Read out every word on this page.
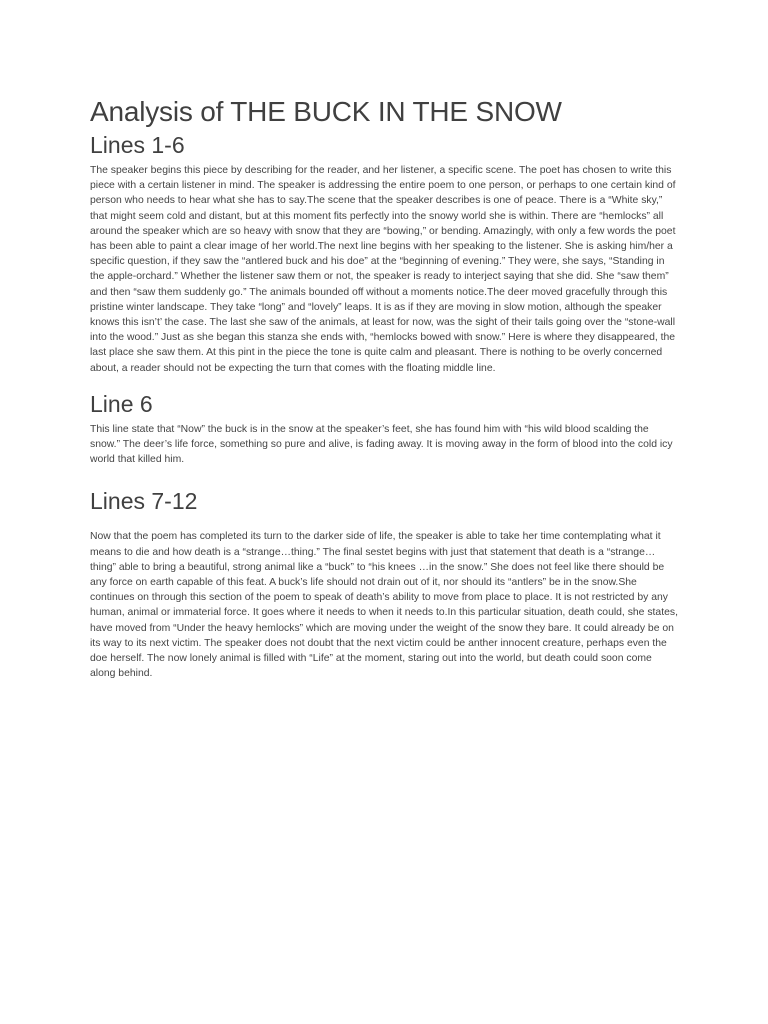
Analysis of THE BUCK IN THE SNOW
Lines 1-6

The speaker begins this piece by describing for the reader, and her listener, a specific scene. The poet has chosen to write this piece with a certain listener in mind. The speaker is addressing the entire poem to one person, or perhaps to one certain kind of person who needs to hear what she has to say.The scene that the speaker describes is one of peace. There is a “White sky,” that might seem cold and distant, but at this moment fits perfectly into the snowy world she is within. There are “hemlocks” all around the speaker which are so heavy with snow that they are “bowing,” or bending. Amazingly, with only a few words the poet has been able to paint a clear image of her world.The next line begins with her speaking to the listener. She is asking him/her a specific question, if they saw the “antlered buck and his doe” at the “beginning of evening.” They were, she says, “Standing in the apple-orchard.” Whether the listener saw them or not, the speaker is ready to interject saying that she did. She “saw them” and then “saw them suddenly go.” The animals bounded off without a moments notice.The deer moved gracefully through this pristine winter landscape. They take “long” and “lovely” leaps. It is as if they are moving in slow motion, although the speaker knows this isn’t’ the case. The last she saw of the animals, at least for now, was the sight of their tails going over the “stone-wall into the wood.” Just as she began this stanza she ends with, “hemlocks bowed with snow.” Here is where they disappeared, the last place she saw them. At this pint in the piece the tone is quite calm and pleasant. There is nothing to be overly concerned about, a reader should not be expecting the turn that comes with the floating middle line.

Line 6

This line state that “Now” the buck is in the snow at the speaker’s feet, she has found him with “his wild blood scalding the snow.” The deer’s life force, something so pure and alive, is fading away. It is moving away in the form of blood into the cold icy world that killed him.

Lines 7-12

Now that the poem has completed its turn to the darker side of life, the speaker is able to take her time contemplating what it means to die and how death is a “strange…thing.” The final sestet begins with just that statement that death is a “strange…thing” able to bring a beautiful, strong animal like a “buck” to “his knees …in the snow.” She does not feel like there should be any force on earth capable of this feat. A buck’s life should not drain out of it, nor should its “antlers” be in the snow.She continues on through this section of the poem to speak of death’s ability to move from place to place. It is not restricted by any human, animal or immaterial force. It goes where it needs to when it needs to.In this particular situation, death could, she states, have moved from “Under the heavy hemlocks” which are moving under the weight of the snow they bare. It could already be on its way to its next victim. The speaker does not doubt that the next victim could be anther innocent creature, perhaps even the doe herself. The now lonely animal is filled with “Life” at the moment, staring out into the world, but death could soon come along behind.
